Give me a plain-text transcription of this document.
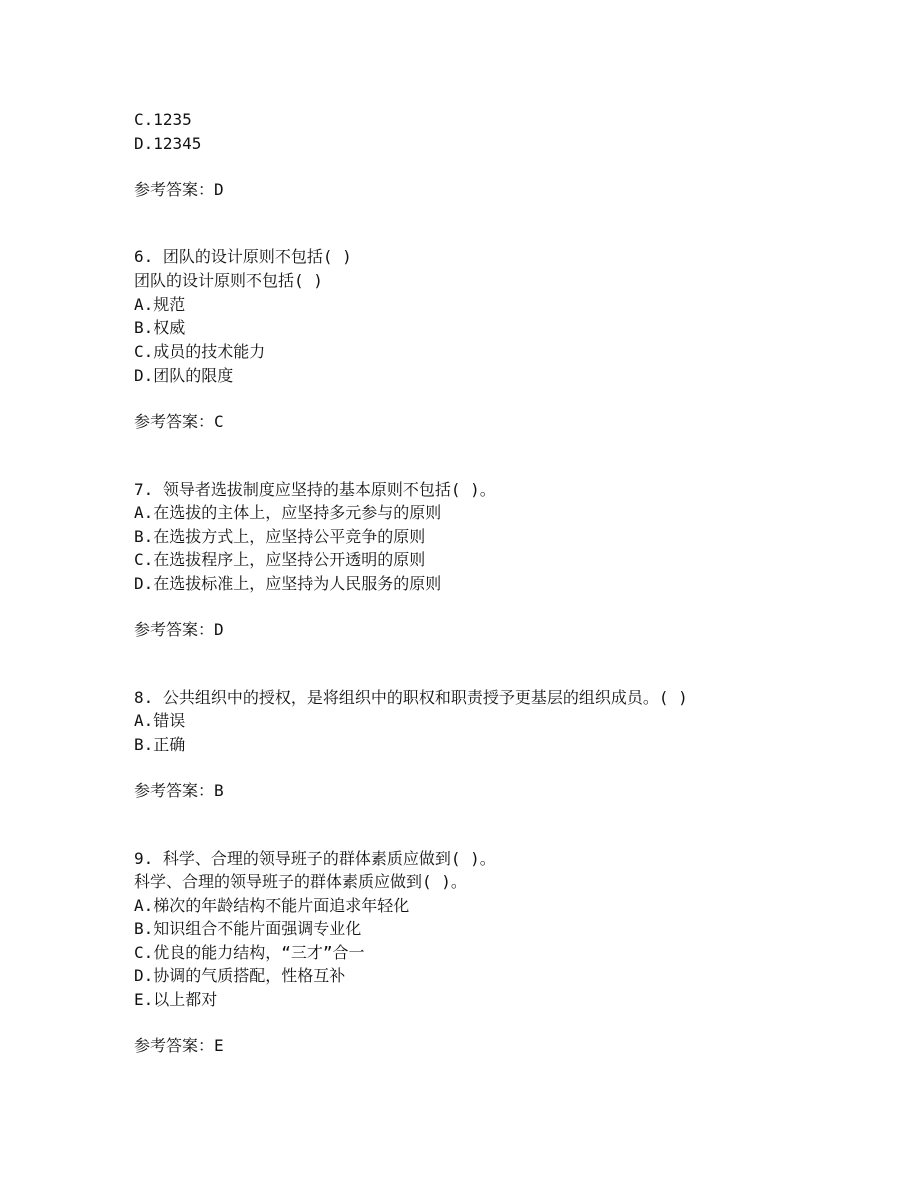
C.1235
D.12345
参考答案：D
6. 团队的设计原则不包括( )
团队的设计原则不包括( )
A.规范
B.权威
C.成员的技术能力
D.团队的限度
参考答案：C
7. 领导者选拔制度应坚持的基本原则不包括( )。
A.在选拔的主体上，应坚持多元参与的原则
B.在选拔方式上，应坚持公平竞争的原则
C.在选拔程序上，应坚持公开透明的原则
D.在选拔标准上，应坚持为人民服务的原则
参考答案：D
8. 公共组织中的授权，是将组织中的职权和职责授予更基层的组织成员。( )
A.错误
B.正确
参考答案：B
9. 科学、合理的领导班子的群体素质应做到( )。
科学、合理的领导班子的群体素质应做到( )。
A.梯次的年龄结构不能片面追求年轻化
B.知识组合不能片面强调专业化
C.优良的能力结构，“三才”合一
D.协调的气质搭配，性格互补
E.以上都对
参考答案：E
